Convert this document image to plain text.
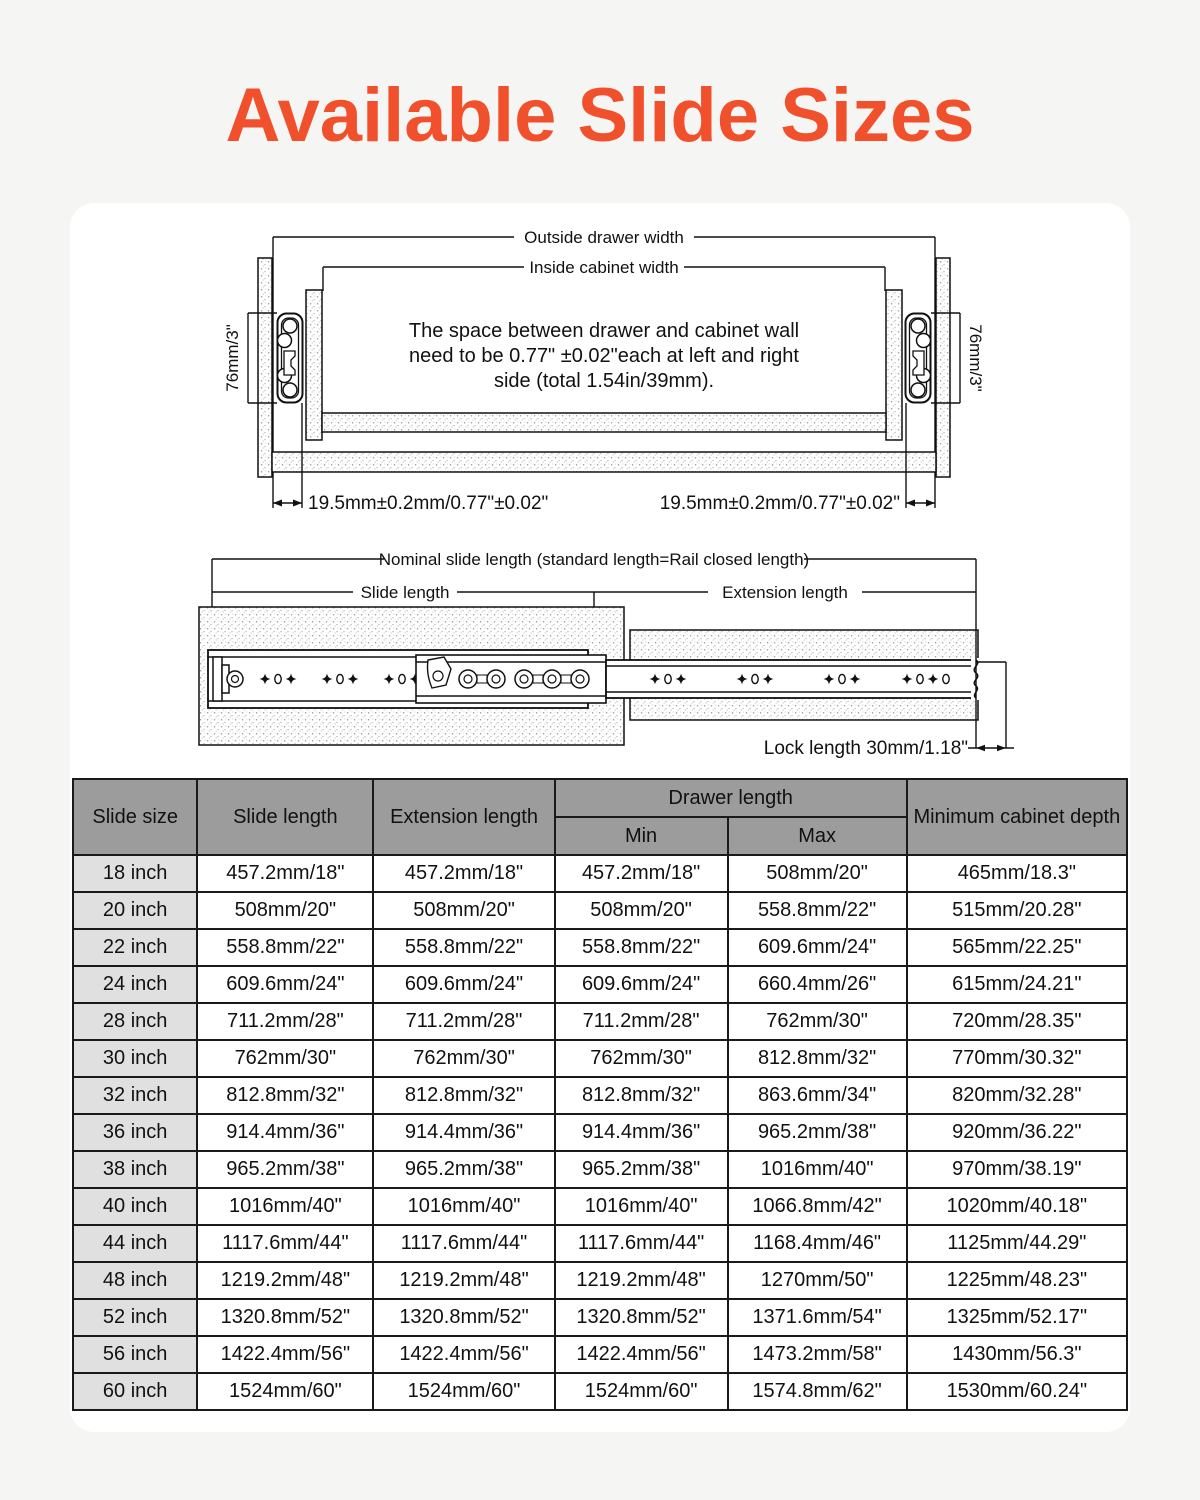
Available Slide Sizes
Outside drawer width
Inside cabinet width
The space between drawer and cabinet wall
need to be 0.77" ±0.02"each at left and right
side (total 1.54in/39mm).
19.5mm±0.2mm/0.77"±0.02"	19.5mm±0.2mm/0.77"±0.02"
76mm/3"	76mm/3"
Nominal slide length (standard length=Rail closed length)
Slide length	Extension length
Lock length 30mm/1.18"
Slide size	Slide length	Extension length	Drawer length		Minimum cabinet depth
			Min	Max	
18 inch	457.2mm/18"	457.2mm/18"	457.2mm/18"	508mm/20"	465mm/18.3"
20 inch	508mm/20"	508mm/20"	508mm/20"	558.8mm/22"	515mm/20.28"
22 inch	558.8mm/22"	558.8mm/22"	558.8mm/22"	609.6mm/24"	565mm/22.25"
24 inch	609.6mm/24"	609.6mm/24"	609.6mm/24"	660.4mm/26"	615mm/24.21"
28 inch	711.2mm/28"	711.2mm/28"	711.2mm/28"	762mm/30"	720mm/28.35"
30 inch	762mm/30"	762mm/30"	762mm/30"	812.8mm/32"	770mm/30.32"
32 inch	812.8mm/32"	812.8mm/32"	812.8mm/32"	863.6mm/34"	820mm/32.28"
36 inch	914.4mm/36"	914.4mm/36"	914.4mm/36"	965.2mm/38"	920mm/36.22"
38 inch	965.2mm/38"	965.2mm/38"	965.2mm/38"	1016mm/40"	970mm/38.19"
40 inch	1016mm/40"	1016mm/40"	1016mm/40"	1066.8mm/42"	1020mm/40.18"
44 inch	1117.6mm/44"	1117.6mm/44"	1117.6mm/44"	1168.4mm/46"	1125mm/44.29"
48 inch	1219.2mm/48"	1219.2mm/48"	1219.2mm/48"	1270mm/50"	1225mm/48.23"
52 inch	1320.8mm/52"	1320.8mm/52"	1320.8mm/52"	1371.6mm/54"	1325mm/52.17"
56 inch	1422.4mm/56"	1422.4mm/56"	1422.4mm/56"	1473.2mm/58"	1430mm/56.3"
60 inch	1524mm/60"	1524mm/60"	1524mm/60"	1574.8mm/62"	1530mm/60.24"
